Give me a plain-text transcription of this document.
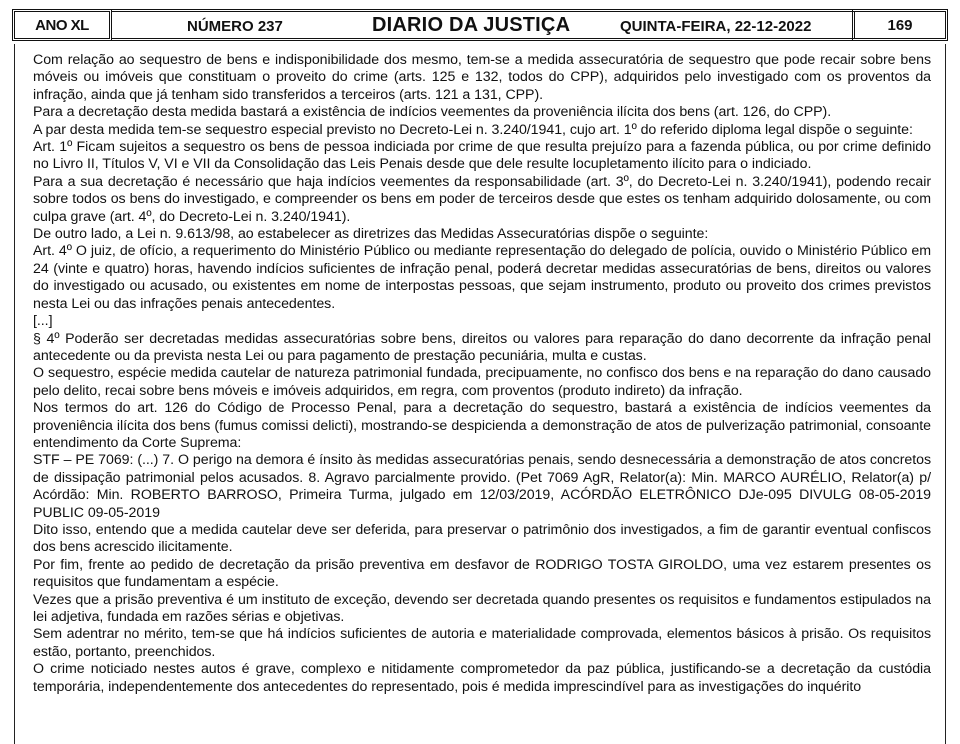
ANO XL	NÚMERO 237	DIARIO DA JUSTIÇA	QUINTA-FEIRA, 22-12-2022	169

Com relação ao sequestro de bens e indisponibilidade dos mesmo, tem-se a medida assecuratória de sequestro que pode recair sobre bens móveis ou imóveis que constituam o proveito do crime (arts. 125 e 132, todos do CPP), adquiridos pelo investigado com os proventos da infração, ainda que já tenham sido transferidos a terceiros (arts. 121 a 131, CPP).

Para a decretação desta medida bastará a existência de indícios veementes da proveniência ilícita dos bens (art. 126, do CPP).

A par desta medida tem-se sequestro especial previsto no Decreto-Lei n. 3.240/1941, cujo art. 1º do referido diploma legal dispõe o seguinte:

Art. 1º Ficam sujeitos a sequestro os bens de pessoa indiciada por crime de que resulta prejuízo para a fazenda pública, ou por crime definido no Livro II, Títulos V, VI e VII da Consolidação das Leis Penais desde que dele resulte locupletamento ilícito para o indiciado.

Para a sua decretação é necessário que haja indícios veementes da responsabilidade (art. 3º, do Decreto-Lei n. 3.240/1941), podendo recair sobre todos os bens do investigado, e compreender os bens em poder de terceiros desde que estes os tenham adquirido dolosamente, ou com culpa grave (art. 4º, do Decreto-Lei n. 3.240/1941).

De outro lado, a Lei n. 9.613/98, ao estabelecer as diretrizes das Medidas Assecuratórias dispõe o seguinte:

Art. 4º O juiz, de ofício, a requerimento do Ministério Público ou mediante representação do delegado de polícia, ouvido o Ministério Público em 24 (vinte e quatro) horas, havendo indícios suficientes de infração penal, poderá decretar medidas assecuratórias de bens, direitos ou valores do investigado ou acusado, ou existentes em nome de interpostas pessoas, que sejam instrumento, produto ou proveito dos crimes previstos nesta Lei ou das infrações penais antecedentes.

[...]

§ 4º Poderão ser decretadas medidas assecuratórias sobre bens, direitos ou valores para reparação do dano decorrente da infração penal antecedente ou da prevista nesta Lei ou para pagamento de prestação pecuniária, multa e custas.

O sequestro, espécie medida cautelar de natureza patrimonial fundada, precipuamente, no confisco dos bens e na reparação do dano causado pelo delito, recai sobre bens móveis e imóveis adquiridos, em regra, com proventos (produto indireto) da infração.

Nos termos do art. 126 do Código de Processo Penal, para a decretação do sequestro, bastará a existência de indícios veementes da proveniência ilícita dos bens (fumus comissi delicti), mostrando-se despicienda a demonstração de atos de pulverização patrimonial, consoante entendimento da Corte Suprema:

STF – PE 7069: (...) 7. O perigo na demora é ínsito às medidas assecuratórias penais, sendo desnecessária a demonstração de atos concretos de dissipação patrimonial pelos acusados. 8. Agravo parcialmente provido. (Pet 7069 AgR, Relator(a): Min. MARCO AURÉLIO, Relator(a) p/ Acórdão: Min. ROBERTO BARROSO, Primeira Turma, julgado em 12/03/2019, ACÓRDÃO ELETRÔNICO DJe-095 DIVULG 08-05-2019 PUBLIC 09-05-2019

Dito isso, entendo que a medida cautelar deve ser deferida, para preservar o patrimônio dos investigados, a fim de garantir eventual confiscos dos bens acrescido ilicitamente.

Por fim, frente ao pedido de decretação da prisão preventiva em desfavor de RODRIGO TOSTA GIROLDO, uma vez estarem presentes os requisitos que fundamentam a espécie.

Vezes que a prisão preventiva é um instituto de exceção, devendo ser decretada quando presentes os requisitos e fundamentos estipulados na lei adjetiva, fundada em razões sérias e objetivas.

Sem adentrar no mérito, tem-se que há indícios suficientes de autoria e materialidade comprovada, elementos básicos à prisão. Os requisitos estão, portanto, preenchidos.

O crime noticiado nestes autos é grave, complexo e nitidamente comprometedor da paz pública, justificando-se a decretação da custódia temporária, independentemente dos antecedentes do representado, pois é medida imprescindível para as investigações do inquérito
